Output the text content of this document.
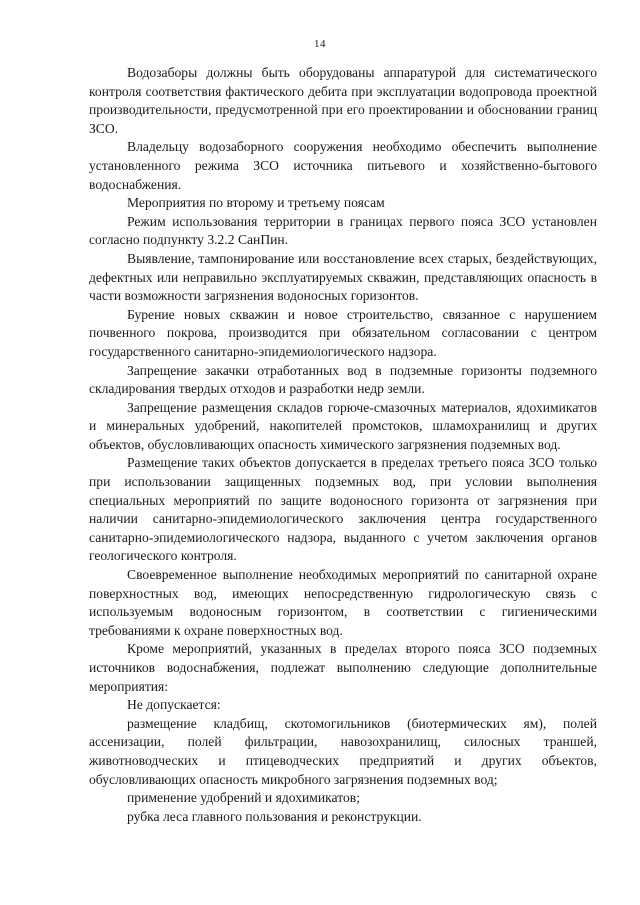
14

Водозаборы должны быть оборудованы аппаратурой для систематического контроля соответствия фактического дебита при эксплуатации водопровода проектной производительности, предусмотренной при его проектировании и обосновании границ ЗСО.

Владельцу водозаборного сооружения необходимо обеспечить выполнение установленного режима ЗСО источника питьевого и хозяйственно-бытового водоснабжения.

Мероприятия по второму и третьему поясам

Режим использования территории в границах первого пояса ЗСО установлен согласно подпункту 3.2.2 СанПин.

Выявление, тампонирование или восстановление всех старых, бездействующих, дефектных или неправильно эксплуатируемых скважин, представляющих опасность в части возможности загрязнения водоносных горизонтов.

Бурение новых скважин и новое строительство, связанное с нарушением почвенного покрова, производится при обязательном согласовании с центром государственного санитарно-эпидемиологического надзора.

Запрещение закачки отработанных вод в подземные горизонты подземного складирования твердых отходов и разработки недр земли.

Запрещение размещения складов горюче-смазочных материалов, ядохимикатов и минеральных удобрений, накопителей промстоков, шламохранилищ и других объектов, обусловливающих опасность химического загрязнения подземных вод.

Размещение таких объектов допускается в пределах третьего пояса ЗСО только при использовании защищенных подземных вод, при условии выполнения специальных мероприятий по защите водоносного горизонта от загрязнения при наличии санитарно-эпидемиологического заключения центра государственного санитарно-эпидемиологического надзора, выданного с учетом заключения органов геологического контроля.

Своевременное выполнение необходимых мероприятий по санитарной охране поверхностных вод, имеющих непосредственную гидрологическую связь с используемым водоносным горизонтом, в соответствии с гигиеническими требованиями к охране поверхностных вод.

Кроме мероприятий, указанных в пределах второго пояса ЗСО подземных источников водоснабжения, подлежат выполнению следующие дополнительные мероприятия:

Не допускается:

размещение кладбищ, скотомогильников (биотермических ям), полей ассенизации, полей фильтрации, навозохранилищ, силосных траншей, животноводческих и птицеводческих предприятий и других объектов, обусловливающих опасность микробного загрязнения подземных вод;

применение удобрений и ядохимикатов;

рубка леса главного пользования и реконструкции.
